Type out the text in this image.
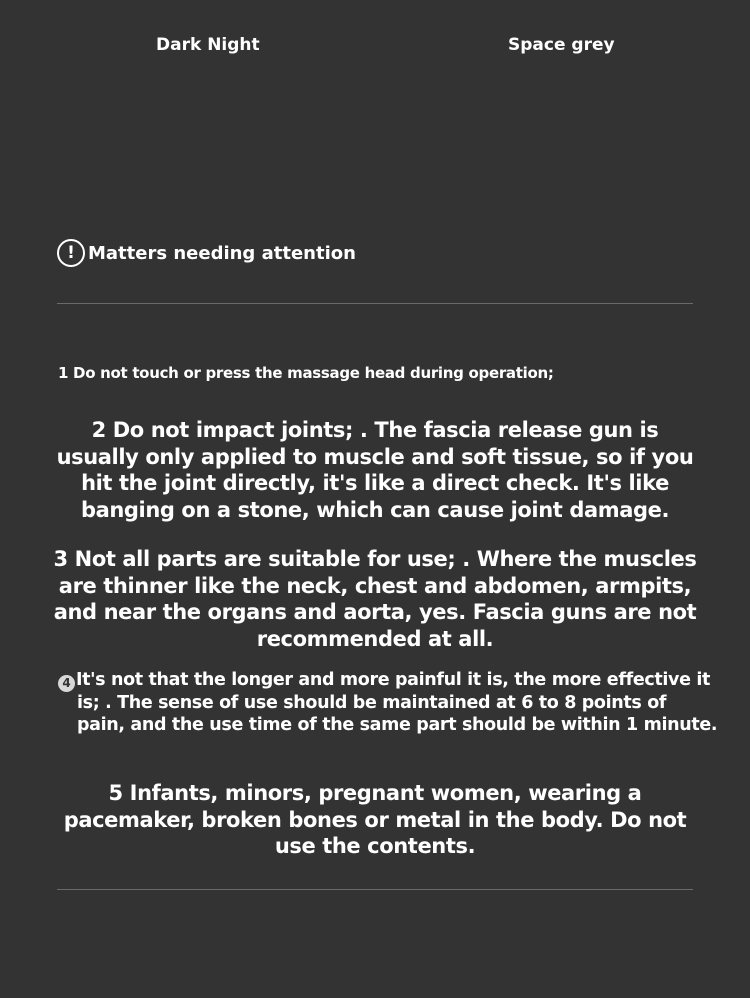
Dark Night	Space grey
! Matters needing attention
1 Do not touch or press the massage head during operation;
2 Do not impact joints; . The fascia release gun is usually only applied to muscle and soft tissue, so if you hit the joint directly, it's like a direct check. It's like banging on a stone, which can cause joint damage.
3 Not all parts are suitable for use; . Where the muscles are thinner like the neck, chest and abdomen, armpits, and near the organs and aorta, yes. Fascia guns are not recommended at all.
4 It's not that the longer and more painful it is, the more effective it
is; . The sense of use should be maintained at 6 to 8 points of
pain, and the use time of the same part should be within 1 minute.
5 Infants, minors, pregnant women, wearing a pacemaker, broken bones or metal in the body. Do not use the contents.
